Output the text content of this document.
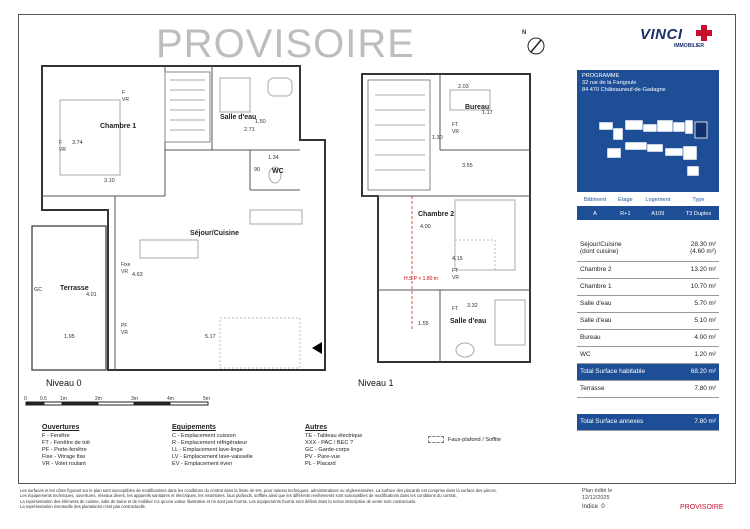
PROVISOIRE	N
Chambre 1
Salle d'eau
WC
Séjour/Cuisine
Terrasse
Bureau
Chambre 2
Salle d'eau
3.10
3.74
2.71
1.50
1.34
90
4.01
1.95
4.63
5.17
GC
F
VR
F
VR
Fixe
VR
PF
VR
2.03
1.17
3.55
4.15
3.32
4.00
1.30
1.55
FT
VR
FT
VR
FT
H.S.P < 1.80 m
Niveau 0	Niveau 1
0	0.5	1m	2m	3m	4m	5m
VINCI
IMMOBILIER
PROGRAMME
32 rue de la Farigoule
84 470 Châteauneuf-de-Gadagne
Bâtiment	Etage	Logement	Type
A	R+1	A109	T3 Duplex
Séjour/Cuisine
(dont cuisine)	28.30 m²
(4.60 m²)
Chambre 2	13.20 m²
Chambre 1	10.70 m²
Salle d'eau	5.70 m²
Salle d'eau	5.10 m²
Bureau	4.00 m²
WC	1.20 m²
Total Surface habitable	68.20 m²
Terrasse	7.80 m²

Total Surface annexes	7.80 m²
Ouvertures
F - Fenêtre
FT - Fenêtre de toit
PF - Porte-fenêtre
Fixe - Vitrage fixe
VR - Volet roulant
Equipements
C - Emplacement cuisson
R - Emplacement réfrigérateur
LL - Emplacement lave-linge
LV - Emplacement lave-vaisselle
EV - Emplacement évier
Autres
TE - Tableau électrique
XXX - PAC / BEC ?
GC - Garde-corps
PV - Pare-vue
PL - Placard
Faux-plafond / Soffite
Les surfaces et les côtes figurant sur le plan sont susceptibles de modifications dans les conditions du contrat dans la limite de 5%, pour raisons techniques, administratives ou réglementaires. La surface des placards est comprise dans la surface des pièces.
Les équipements techniques, ouvertures, réseaux divers, les appareils sanitaires et électriques, les retombées, faux plafonds, soffites ainsi que les différents revêtements sont susceptibles de modifications dans les conditions du contrat.
La représentation des éléments de cuisine, salle de bains et de mobilier n'a qu'une valeur illustrative et ne sont pas fournis. Les équipements fournis sont définis dans la notice descriptive de vente sont contractuels.
La représentation éventuelle des plantations n'est pas contractuelle.
Plan édité le
12/12/2025
Indice 0	PROVISOIRE
